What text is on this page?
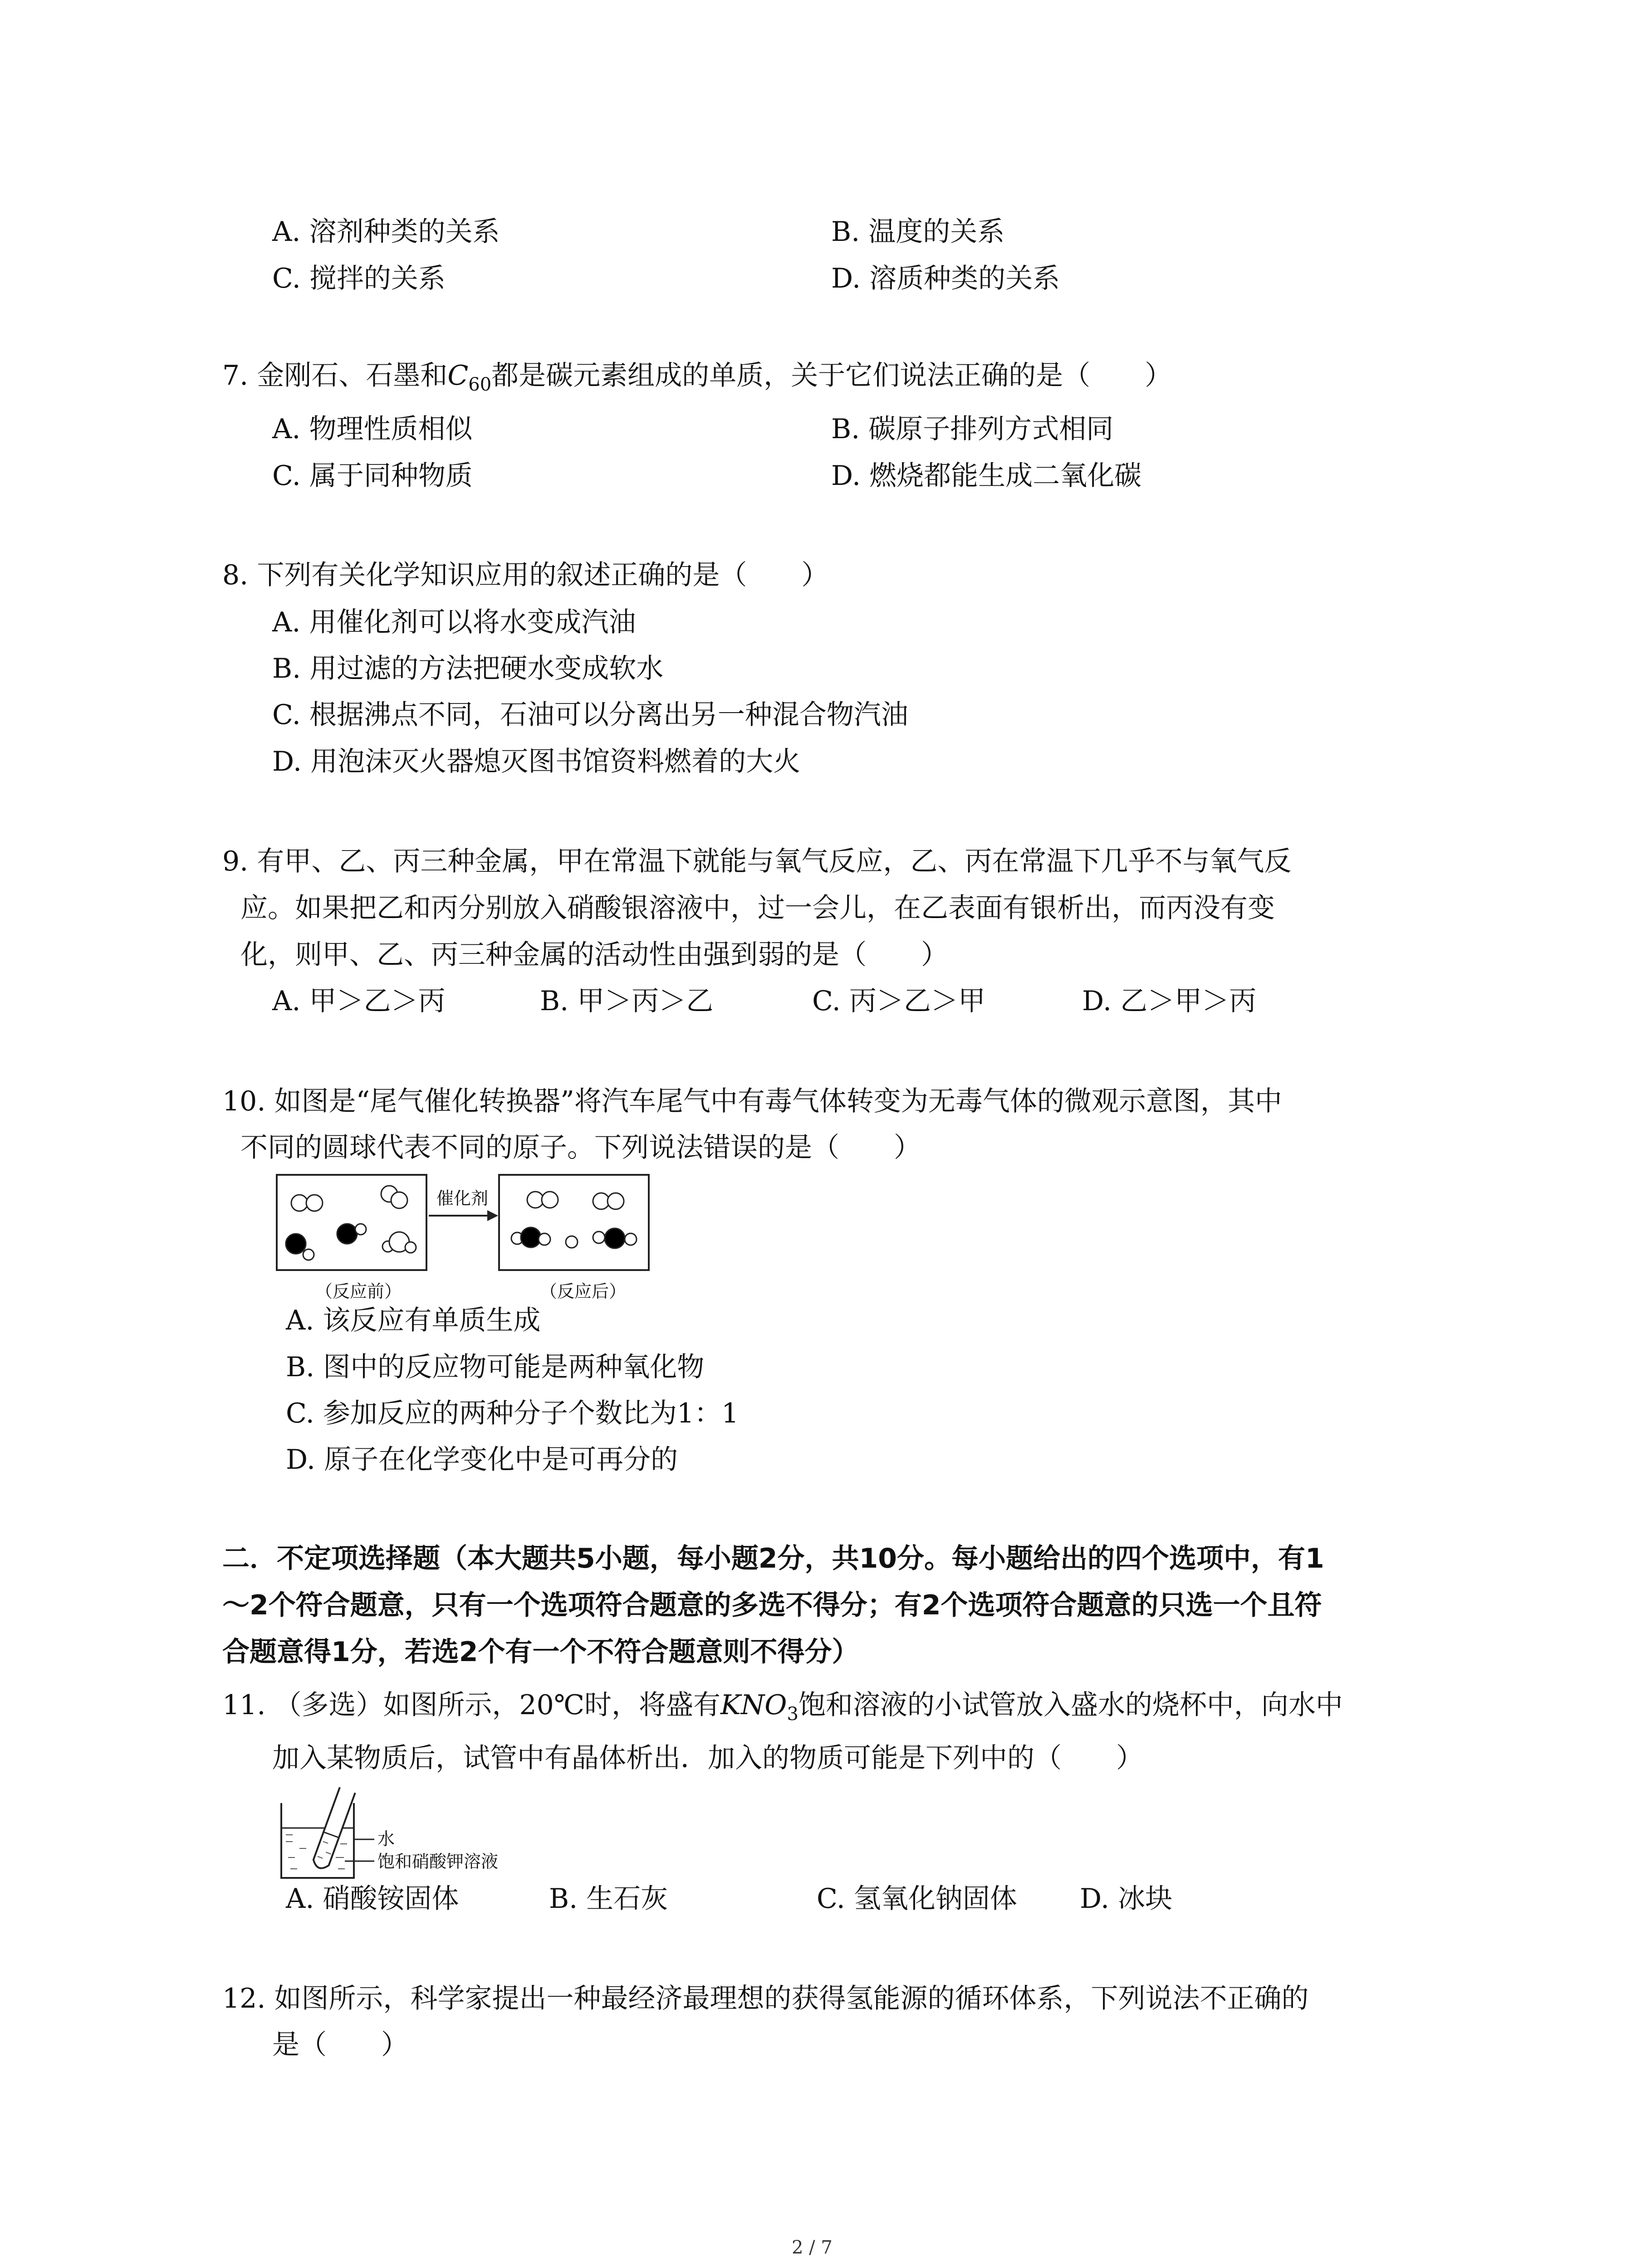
A. 溶剂种类的关系	B. 温度的关系
C. 搅拌的关系	D. 溶质种类的关系
7. 金刚石、石墨和$C_{60}$都是碳元素组成的单质，关于它们说法正确的是（　　）
A. 物理性质相似	B. 碳原子排列方式相同
C. 属于同种物质	D. 燃烧都能生成二氧化碳
8. 下列有关化学知识应用的叙述正确的是（　　）
A. 用催化剂可以将水变成汽油
B. 用过滤的方法把硬水变成软水
C. 根据沸点不同，石油可以分离出另一种混合物汽油
D. 用泡沫灭火器熄灭图书馆资料燃着的大火
9. 有甲、乙、丙三种金属，甲在常温下就能与氧气反应，乙、丙在常温下几乎不与氧气反
应。如果把乙和丙分别放入硝酸银溶液中，过一会儿，在乙表面有银析出，而丙没有变
化，则甲、乙、丙三种金属的活动性由强到弱的是（　　）
A. 甲＞乙＞丙	B. 甲＞丙＞乙	C. 丙＞乙＞甲	D. 乙＞甲＞丙
10. 如图是“尾气催化转换器”将汽车尾气中有毒气体转变为无毒气体的微观示意图，其中
不同的圆球代表不同的原子。下列说法错误的是（　　）
催化剂
（反应前）	（反应后）
A. 该反应有单质生成
B. 图中的反应物可能是两种氧化物
C. 参加反应的两种分子个数比为1：1
D. 原子在化学变化中是可再分的
二．不定项选择题（本大题共5小题，每小题2分，共10分。每小题给出的四个选项中，有1
～2个符合题意，只有一个选项符合题意的多选不得分；有2个选项符合题意的只选一个且符
合题意得1分，若选2个有一个不符合题意则不得分）
11. （多选）如图所示，20℃时，将盛有$KNO_3$饱和溶液的小试管放入盛水的烧杯中，向水中
加入某物质后，试管中有晶体析出．加入的物质可能是下列中的（　　）
水
饱和硝酸钾溶液
A. 硝酸铵固体	B. 生石灰	C. 氢氧化钠固体 D. 冰块
12. 如图所示，科学家提出一种最经济最理想的获得氢能源的循环体系，下列说法不正确的
是（　　）
2 / 7
